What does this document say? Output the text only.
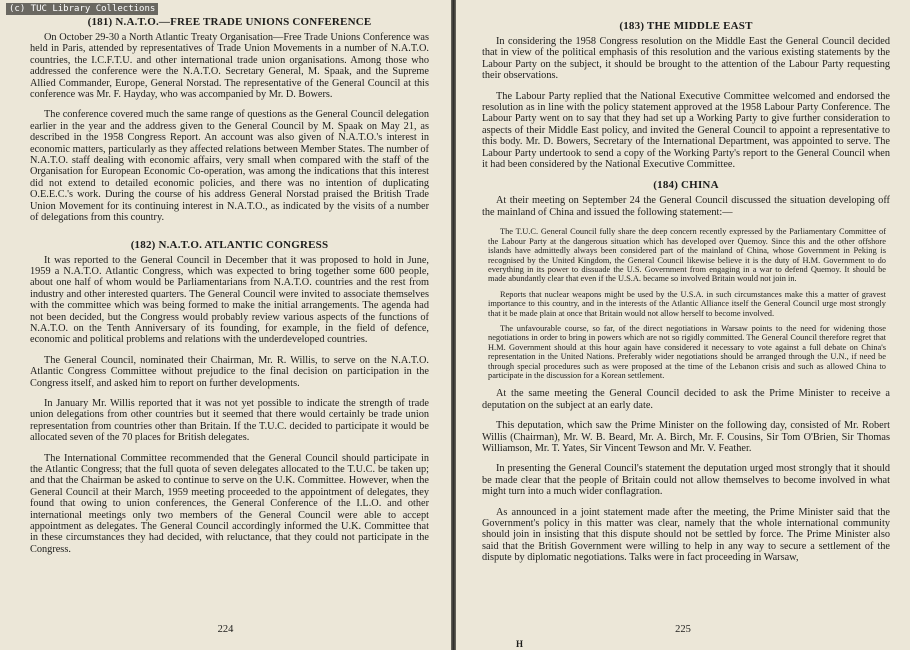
(c) TUC Library Collections
(181) N.A.T.O.—FREE TRADE UNIONS CONFERENCE

On October 29-30 a North Atlantic Treaty Organisation—Free Trade Unions Conference was held in Paris, attended by representatives of Trade Union Movements in a number of N.A.T.O. countries, the I.C.F.T.U. and other international trade union organisations. Among those who addressed the conference were the N.A.T.O. Secretary General, M. Spaak, and the Supreme Allied Commander, Europe, General Norstad. The representative of the General Council at this conference was Mr. F. Hayday, who was accompanied by Mr. D. Bowers.

The conference covered much the same range of questions as the General Council delegation earlier in the year and the address given to the General Council by M. Spaak on May 21, as described in the 1958 Congress Report. An account was also given of N.A.T.O.'s interest in economic matters, particularly as they affected relations between Member States. The number of N.A.T.O. staff dealing with economic affairs, very small when compared with the staff of the Organisation for European Economic Co-operation, was among the indications that this interest did not extend to detailed economic policies, and there was no intention of duplicating O.E.E.C.'s work. During the course of his address General Norstad praised the British Trade Union Movement for its continuing interest in N.A.T.O., as indicated by the visits of a number of delegations from this country.

(182) N.A.T.O. ATLANTIC CONGRESS

It was reported to the General Council in December that it was proposed to hold in June, 1959 a N.A.T.O. Atlantic Congress, which was expected to bring together some 600 people, about one half of whom would be Parliamentarians from N.A.T.O. countries and the rest from industry and other interested quarters. The General Council were invited to associate themselves with the committee which was being formed to make the initial arrangements. The agenda had not been decided, but the Congress would probably review various aspects of the functions of N.A.T.O. on the Tenth Anniversary of its founding, for example, in the field of defence, economic and political problems and relations with the underdeveloped countries.

The General Council, nominated their Chairman, Mr. R. Willis, to serve on the N.A.T.O. Atlantic Congress Committee without prejudice to the final decision on participation in the Congress itself, and asked him to report on further developments.

In January Mr. Willis reported that it was not yet possible to indicate the strength of trade union delegations from other countries but it seemed that there would certainly be trade union representation from countries other than Britain. If the T.U.C. decided to participate it would be allocated seven of the 70 places for British delegates.

The International Committee recommended that the General Council should participate in the Atlantic Congress; that the full quota of seven delegates allocated to the T.U.C. be taken up; and that the Chairman be asked to continue to serve on the U.K. Committee. However, when the General Council at their March, 1959 meeting proceeded to the appointment of delegates, they found that owing to union conferences, the General Conference of the I.L.O. and other international meetings only two members of the General Council were able to accept appointment as delegates. The General Council accordingly informed the U.K. Committee that in these circumstances they had decided, with reluctance, that they could not participate in the Congress.

224
(183) THE MIDDLE EAST

In considering the 1958 Congress resolution on the Middle East the General Council decided that in view of the political emphasis of this resolution and the various existing statements by the Labour Party on the subject, it should be brought to the attention of the Labour Party requesting their observations.

The Labour Party replied that the National Executive Committee welcomed and endorsed the resolution as in line with the policy statement approved at the 1958 Labour Party Conference. The Labour Party went on to say that they had set up a Working Party to give further consideration to aspects of their Middle East policy, and invited the General Council to appoint a representative to this body. Mr. D. Bowers, Secretary of the International Department, was appointed to serve. The Labour Party undertook to send a copy of the Working Party's report to the General Council when it had been considered by the National Executive Committee.

(184) CHINA

At their meeting on September 24 the General Council discussed the situation developing off the mainland of China and issued the following statement:—

The T.U.C. General Council fully share the deep concern recently expressed by the Parliamentary Committee of the Labour Party at the dangerous situation which has developed over Quemoy. Since this and the other offshore islands have admittedly always been considered part of the mainland of China, whose Government in Peking is recognised by the United Kingdom, the General Council likewise believe it is the duty of H.M. Government to do everything in its power to dissuade the U.S. Government from engaging in a war to defend Quemoy. It should be made abundantly clear that even if the U.S.A. became so involved Britain would not join in.

Reports that nuclear weapons might be used by the U.S.A. in such circumstances make this a matter of gravest importance to this country, and in the interests of the Atlantic Alliance itself the General Council urge most strongly that it be made plain at once that Britain would not allow herself to become involved.

The unfavourable course, so far, of the direct negotiations in Warsaw points to the need for widening those negotiations in order to bring in powers which are not so rigidly committed. The General Council therefore regret that H.M. Government should at this hour again have considered it necessary to vote against a full debate on China's representation in the United Nations. Preferably wider negotiations should be arranged through the U.N., if need be through special procedures such as were proposed at the time of the Lebanon crisis and such as allowed China to participate in the discussion for a Korean settlement.

At the same meeting the General Council decided to ask the Prime Minister to receive a deputation on the subject at an early date.

This deputation, which saw the Prime Minister on the following day, consisted of Mr. Robert Willis (Chairman), Mr. W. B. Beard, Mr. A. Birch, Mr. F. Cousins, Sir Tom O'Brien, Sir Thomas Williamson, Mr. T. Yates, Sir Vincent Tewson and Mr. V. Feather.

In presenting the General Council's statement the deputation urged most strongly that it should be made clear that the people of Britain could not allow themselves to become involved in what might turn into a much wider conflagration.

As announced in a joint statement made after the meeting, the Prime Minister said that the Government's policy in this matter was clear, namely that the whole international community should join in insisting that this dispute should not be settled by force. The Prime Minister also said that the British Government were willing to help in any way to secure a settlement of the dispute by diplomatic negotiations. Talks were in fact proceeding in Warsaw,

225
H
